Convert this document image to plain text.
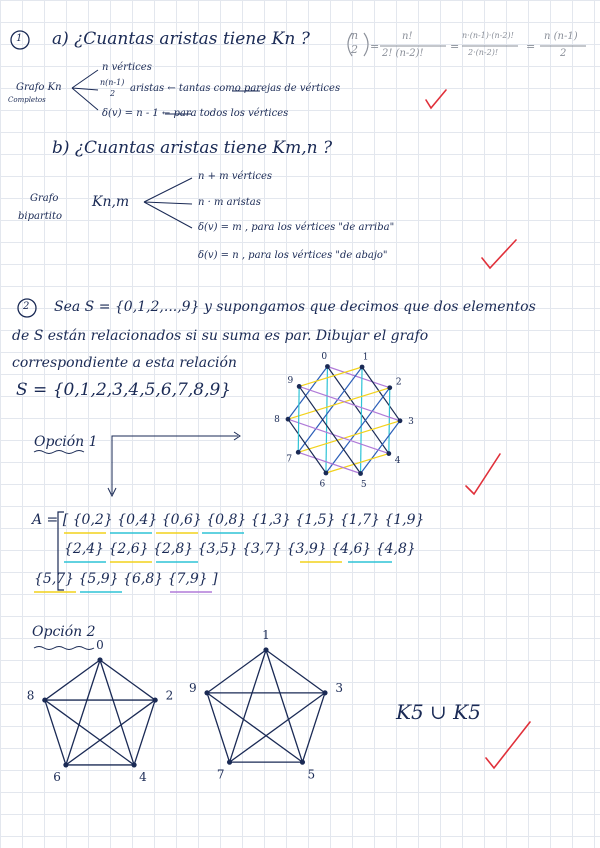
0	1
2
3
4
5
6
7
8
9
0
2
4
6
8
1
3
5
7
9
1 a) ¿Cuantas aristas tiene Kn ?	n
2 =
n!
2! (n-2)!
=
n·(n-1)·(n-2)!
2·(n-2)!	=
n (n-1)
2
Grafo Kn
Completos
n vértices
n(n-1)
2 aristas ← tantas como parejas de vértices
δ(v) = n - 1 ← para todos los vértices
b) ¿Cuantas aristas tiene Km,n ?
Grafo
bipartito
Kn,m
n + m vértices
n · m aristas
δ(v) = m , para los vértices "de arriba"
δ(v) = n , para los vértices "de abajo"
2 Sea S = {0,1,2,...,9} y supongamos que decimos que dos elementos
de S están relacionados si su suma es par. Dibujar el grafo
correspondiente a esta relación
S = {0,1,2,3,4,5,6,7,8,9}
Opción 1
A = [ {0,2} {0,4} {0,6} {0,8} {1,3} {1,5} {1,7} {1,9}
{2,4} {2,6} {2,8} {3,5} {3,7} {3,9} {4,6} {4,8}
{5,7} {5,9} {6,8} {7,9} ]
Opción 2
K5 ∪ K5
